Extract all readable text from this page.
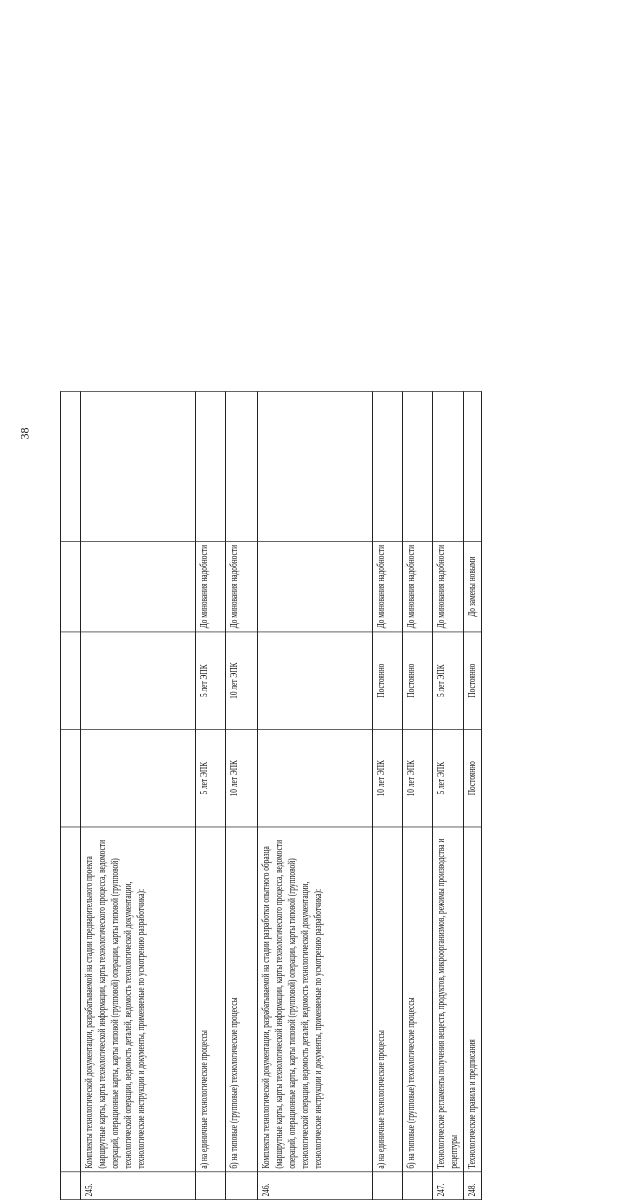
38

245.	Комплекты технологической документации, разрабатываемой на стадии предварительного проекта (маршрутные карты, карты технологической информации, карты технологического процесса, ведомости операций, операционные карты, карты типовой (групповой) операции, карты типовой (групповой) технологической операции, ведомость деталей, ведомость технологической документации, технологические инструкции и документы, применяемые по усмотрению разработчика):				
	а) на единичные технологические процессы	5 лет ЭПК	5 лет ЭПК	До минования надобности	
	б) на типовые (групповые) технологические процессы	10 лет ЭПК	10 лет ЭПК	До минования надобности	
246.	Комплекты технологической документации, разрабатываемой на стадии разработки опытного образца (маршрутные карты, карты технологической информации, карты технологического процесса, ведомости операций, операционные карты, карты типовой (групповой) операции, карты типовой (групповой) технологической операции, ведомость деталей, ведомость технологической документации, технологические инструкции и документы, применяемые по усмотрению разработчика):				
	а) на единичные технологические процессы	10 лет ЭПК	Постоянно	До минования надобности	
	б) на типовые (групповые) технологические процессы	10 лет ЭПК	Постоянно	До минования надобности	
247.	Технологические регламенты получения веществ, продуктов, микроорганизмов, режимы производства и рецептуры	5 лет ЭПК	5 лет ЭПК	До минования надобности	
248.	Технологические правила и предписания	Постоянно	Постоянно	До замены новыми	
